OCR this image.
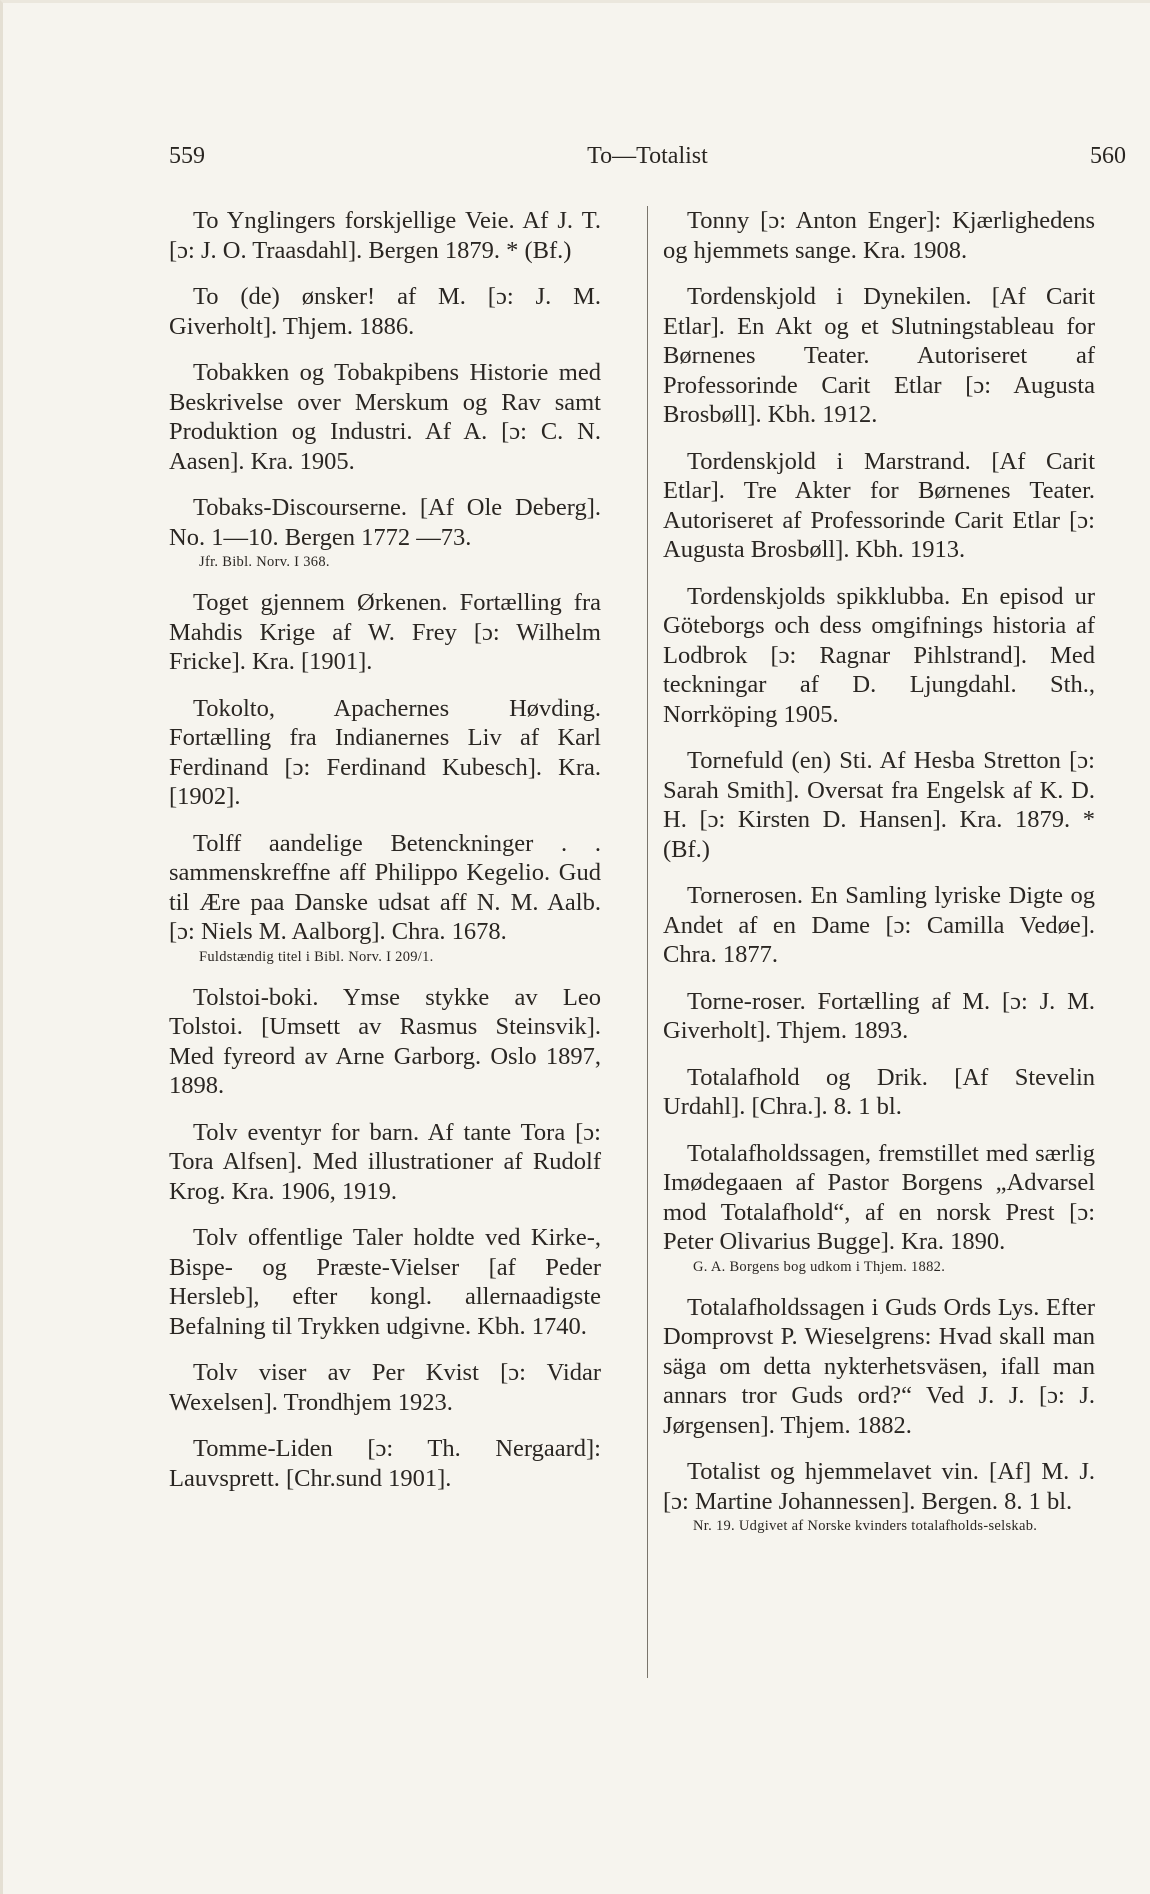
559	To—Totalist	560
To Ynglingers forskjellige Veie. Af J. T. [ɔ: J. O. Traasdahl]. Bergen 1879. * (Bf.)
To (de) ønsker! af M. [ɔ: J. M. Giverholt]. Thjem. 1886.
Tobakken og Tobakpibens Historie med Beskrivelse over Merskum og Rav samt Produktion og Industri. Af A. [ɔ: C. N. Aasen]. Kra. 1905.
Tobaks-Discourserne. [Af Ole Deberg]. No. 1—10. Bergen 1772 —73.
Jfr. Bibl. Norv. I 368.
Toget gjennem Ørkenen. Fortælling fra Mahdis Krige af W. Frey [ɔ: Wilhelm Fricke]. Kra. [1901].
Tokolto, Apachernes Høvding. Fortælling fra Indianernes Liv af Karl Ferdinand [ɔ: Ferdinand Kubesch]. Kra. [1902].
Tolff aandelige Betenckninger . . sammenskreffne aff Philippo Kegelio. Gud til Ære paa Danske udsat aff N. M. Aalb. [ɔ: Niels M. Aalborg]. Chra. 1678.
Fuldstændig titel i Bibl. Norv. I 209/1.
Tolstoi-boki. Ymse stykke av Leo Tolstoi. [Umsett av Rasmus Steinsvik]. Med fyreord av Arne Garborg. Oslo 1897, 1898.
Tolv eventyr for barn. Af tante Tora [ɔ: Tora Alfsen]. Med illustrationer af Rudolf Krog. Kra. 1906, 1919.
Tolv offentlige Taler holdte ved Kirke-, Bispe- og Præste-Vielser [af Peder Hersleb], efter kongl. allernaadigste Befalning til Trykken udgivne. Kbh. 1740.
Tolv viser av Per Kvist [ɔ: Vidar Wexelsen]. Trondhjem 1923.
Tomme-Liden [ɔ: Th. Nergaard]: Lauvsprett. [Chr.sund 1901].
Tonny [ɔ: Anton Enger]: Kjærlighedens og hjemmets sange. Kra. 1908.
Tordenskjold i Dynekilen. [Af Carit Etlar]. En Akt og et Slutningstableau for Børnenes Teater. Autoriseret af Professorinde Carit Etlar [ɔ: Augusta Brosbøll]. Kbh. 1912.
Tordenskjold i Marstrand. [Af Carit Etlar]. Tre Akter for Børnenes Teater. Autoriseret af Professorinde Carit Etlar [ɔ: Augusta Brosbøll]. Kbh. 1913.
Tordenskjolds spikklubba. En episod ur Göteborgs och dess omgifnings historia af Lodbrok [ɔ: Ragnar Pihlstrand]. Med teckningar af D. Ljungdahl. Sth., Norrköping 1905.
Tornefuld (en) Sti. Af Hesba Stretton [ɔ: Sarah Smith]. Oversat fra Engelsk af K. D. H. [ɔ: Kirsten D. Hansen]. Kra. 1879. * (Bf.)
Tornerosen. En Samling lyriske Digte og Andet af en Dame [ɔ: Camilla Vedøe]. Chra. 1877.
Torne-roser. Fortælling af M. [ɔ: J. M. Giverholt]. Thjem. 1893.
Totalafhold og Drik. [Af Stevelin Urdahl]. [Chra.]. 8. 1 bl.
Totalafholdssagen, fremstillet med særlig Imødegaaen af Pastor Borgens „Advarsel mod Totalafhold“, af en norsk Prest [ɔ: Peter Olivarius Bugge]. Kra. 1890.
G. A. Borgens bog udkom i Thjem. 1882.
Totalafholdssagen i Guds Ords Lys. Efter Domprovst P. Wieselgrens: Hvad skall man säga om detta nykterhetsväsen, ifall man annars tror Guds ord?“ Ved J. J. [ɔ: J. Jørgensen]. Thjem. 1882.
Totalist og hjemmelavet vin. [Af] M. J. [ɔ: Martine Johannessen]. Bergen. 8. 1 bl.
Nr. 19. Udgivet af Norske kvinders totalafholds-selskab.
